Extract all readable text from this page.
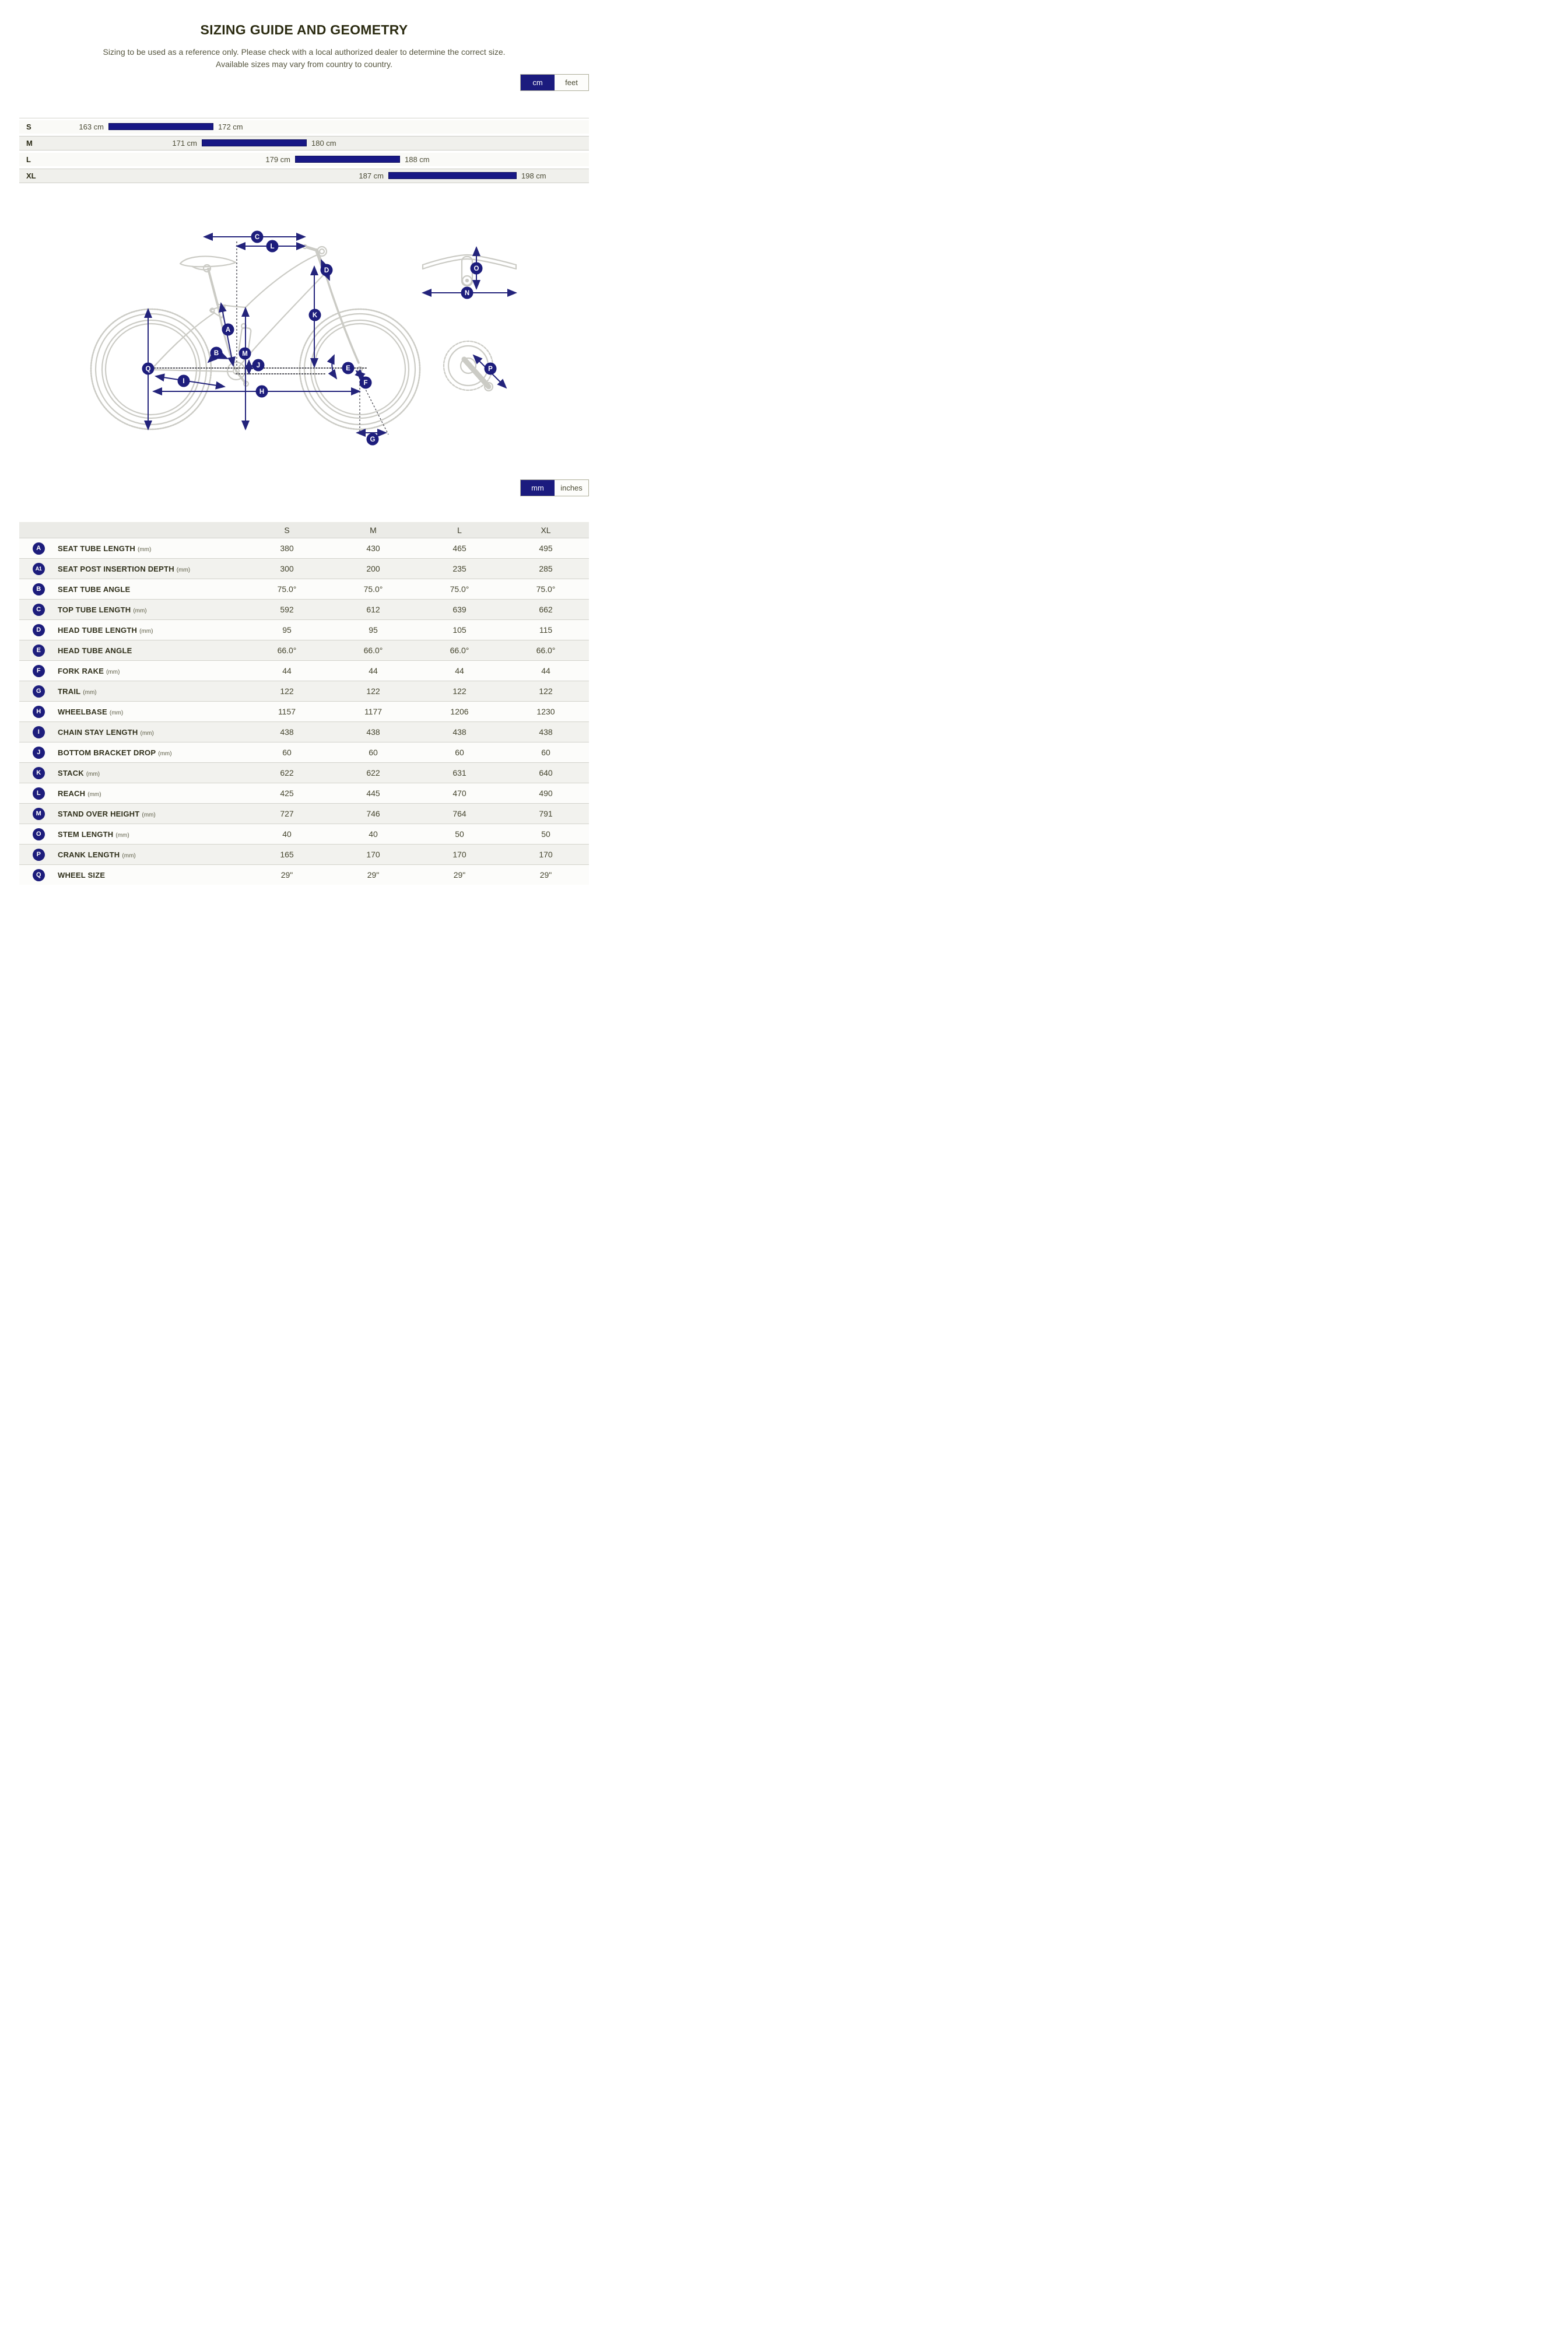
SIZING GUIDE AND GEOMETRY

Sizing to be used as a reference only. Please check with a local authorized dealer to determine the correct size.
Available sizes may vary from country to country.

cm	feet
S	163 cm	172 cm
M	171 cm	180 cm
L	179 cm	188 cm
XL	187 cm	198 cm
C
L
D
K
A
B	M
J
Q	E
F
I
H
G
O
N
P
mm	inches
S	M	L	XL
A	SEAT TUBE LENGTH (mm)	380	430	465	495
A1	SEAT POST INSERTION DEPTH (mm)	300	200	235	285
B	SEAT TUBE ANGLE	75.0°	75.0°	75.0°	75.0°
C	TOP TUBE LENGTH (mm)	592	612	639	662
D	HEAD TUBE LENGTH (mm)	95	95	105	115
E	HEAD TUBE ANGLE	66.0°	66.0°	66.0°	66.0°
F	FORK RAKE (mm)	44	44	44	44
G	TRAIL (mm)	122	122	122	122
H	WHEELBASE (mm)	1157	1177	1206	1230
I	CHAIN STAY LENGTH (mm)	438	438	438	438
J	BOTTOM BRACKET DROP (mm)	60	60	60	60
K	STACK (mm)	622	622	631	640
L	REACH (mm)	425	445	470	490
M	STAND OVER HEIGHT (mm)	727	746	764	791
O	STEM LENGTH (mm)	40	40	50	50
P	CRANK LENGTH (mm)	165	170	170	170
Q	WHEEL SIZE	29"	29"	29"	29"
